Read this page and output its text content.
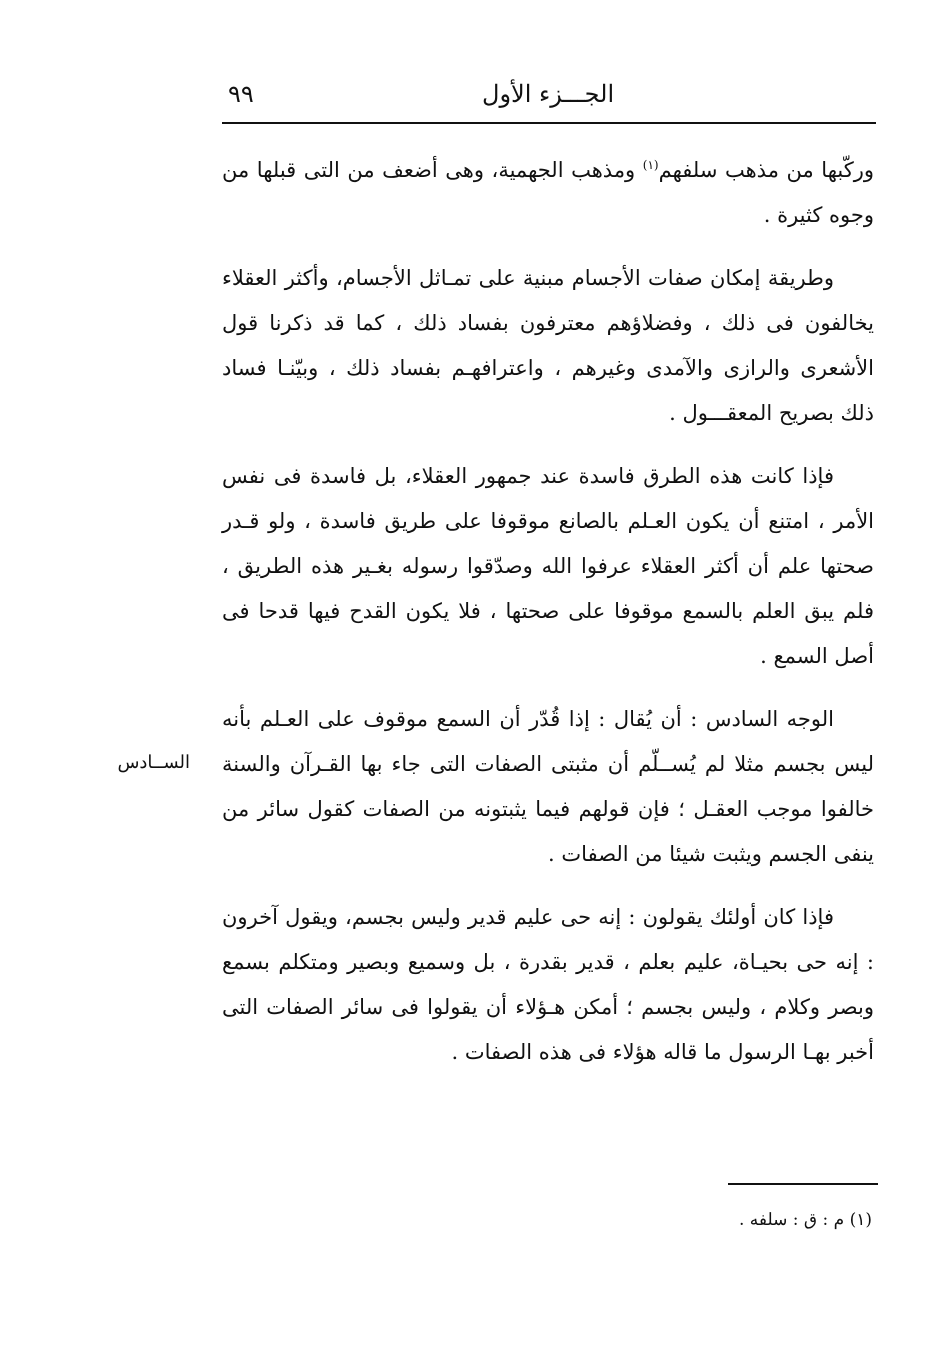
٩٩	الجـــزء الأول

وركّبها من مذهب سلفهم$^{(١)}$ ومذهب الجهمية، وهى أضعف من التى قبلها من وجوه كثيرة .

وطريقة إمكان صفات الأجسام مبنية على تمـاثل الأجسام، وأكثر العقلاء يخالفون فى ذلك ، وفضلاؤهم معترفون بفساد ذلك ، كما قد ذكرنا قول الأشعرى والرازى والآمدى وغيرهم ، واعترافهـم بفساد ذلك ، وبيّنـا فساد ذلك بصريح المعقـــول .

فإذا كانت هذه الطرق فاسدة عند جمهور العقلاء، بل فاسدة فى نفس الأمر ، امتنع أن يكون العـلم بالصانع موقوفا على طريق فاسدة ، ولو قـدر صحتها علم أن أكثر العقلاء عرفوا الله وصدّقوا رسوله بغـير هذه الطريق ، فلم يبق العلم بالسمع موقوفا على صحتها ، فلا يكون القدح فيها قدحا فى أصل السمع .

الوجه السادس : أن يُقال : إذا قُدّر أن السمع موقوف على العـلم بأنه ليس بجسم مثلا لم يُســلّم أن مثبتى الصفات التى جاء بها القـرآن والسنة خالفوا موجب العقـل ؛ فإن قولهم فيما يثبتونه من الصفات كقول سائر من ينفى الجسم ويثبت شيئا من الصفات .

فإذا كان أولئك يقولون : إنه حى عليم قدير وليس بجسم، ويقول آخرون : إنه حى بحيـاة، عليم بعلم ، قدير بقدرة ، بل وسميع وبصير ومتكلم بسمع وبصر وكلام ، وليس بجسم ؛ أمكن هـؤلاء أن يقولوا فى سائر الصفات التى أخبر بهـا الرسول ما قاله هؤلاء فى هذه الصفات .

الســادس
(١) م : ق : سلفه .
